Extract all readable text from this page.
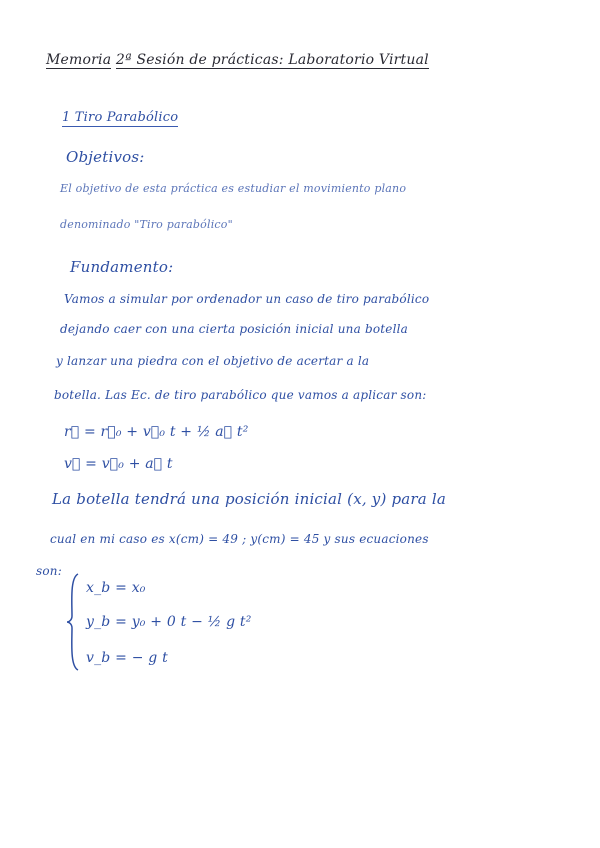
Memoria 2ª Sesión de prácticas: Laboratorio Virtual
1 Tiro Parabólico
Objetivos:
El objetivo de esta práctica es estudiar el movimiento plano
denominado "Tiro parabólico"
Fundamento:
Vamos a simular por ordenador un caso de tiro parabólico
dejando caer con una cierta posición inicial una botella
y lanzar una piedra con el objetivo de acertar a la
botella. Las Ec. de tiro parabólico que vamos a aplicar son:
r⃗ = r⃗₀ + v⃗₀ t + ½ a⃗ t²
v⃗ = v⃗₀ + a⃗ t
La botella tendrá una posición inicial (x, y) para la
cual en mi caso es x(cm) = 49 ; y(cm) = 45 y sus ecuaciones
son:
x_b = x₀
y_b = y₀ + 0 t − ½ g t²
v_b = − g t
